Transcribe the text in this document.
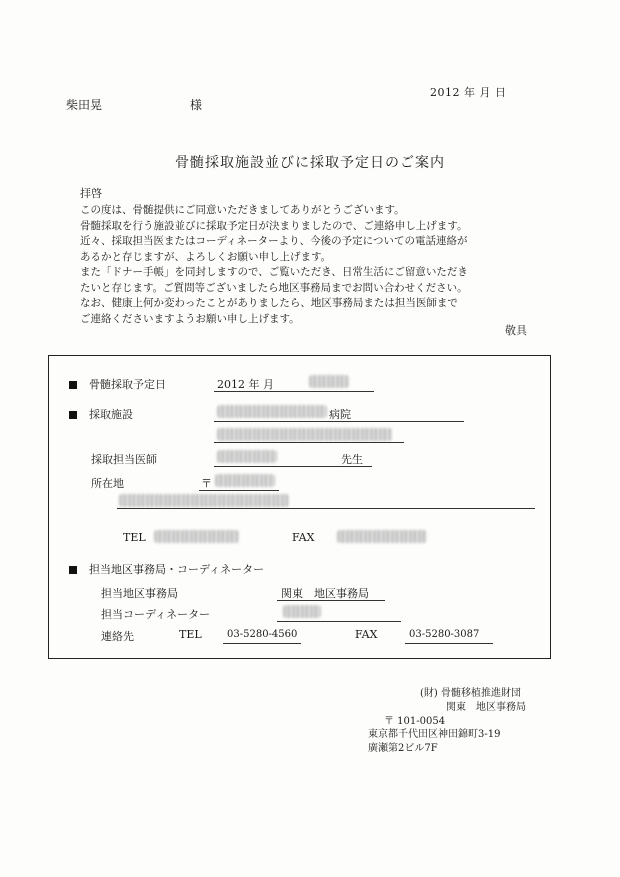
2012 年 月 日
柴田晃	様
骨髄採取施設並びに採取予定日のご案内
拝啓

この度は、骨髄提供にご同意いただきましてありがとうございます。

骨髄採取を行う施設並びに採取予定日が決まりましたので、ご連絡申し上げます。

近々、採取担当医またはコーディネーターより、今後の予定についての電話連絡が

あるかと存じますが、よろしくお願い申し上げます。

また「ドナー手帳」を同封しますので、ご覧いただき、日常生活にご留意いただき

たいと存じます。ご質問等ございましたら地区事務局までお問い合わせください。

なお、健康上何か変わったことがありましたら、地区事務局または担当医師まで

ご連絡くださいますようお願い申し上げます。

敬具
骨髄採取予定日	2012 年 月
採取施設	病院
採取担当医師	先生
所在地	〒
TEL	FAX
担当地区事務局・コーディネーター
担当地区事務局	関東　地区事務局
担当コーディネーター
連絡先	TEL	03-5280-4560	FAX	03-5280-3087
(財) 骨髄移植推進財団
関東　地区事務局
〒 101-0054
東京都千代田区神田錦町3-19
廣瀬第2ビル7F
